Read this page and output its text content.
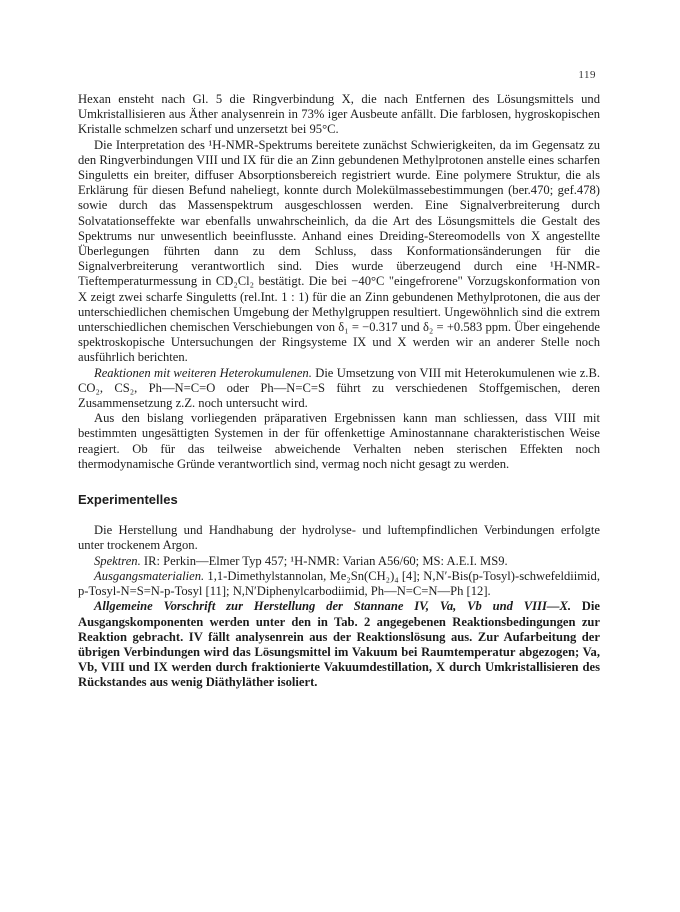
119

Hexan ensteht nach Gl. 5 die Ringverbindung X, die nach Entfernen des Lösungsmittels und Umkristallisieren aus Äther analysenrein in 73% iger Ausbeute anfällt. Die farblosen, hygroskopischen Kristalle schmelzen scharf und unzersetzt bei 95°C.

Die Interpretation des ¹H-NMR-Spektrums bereitete zunächst Schwierigkeiten, da im Gegensatz zu den Ringverbindungen VIII und IX für die an Zinn gebundenen Methylprotonen anstelle eines scharfen Singuletts ein breiter, diffuser Absorptionsbereich registriert wurde. Eine polymere Struktur, die als Erklärung für diesen Befund naheliegt, konnte durch Molekülmassebestimmungen (ber.470; gef.478) sowie durch das Massenspektrum ausgeschlossen werden. Eine Signalverbreiterung durch Solvatationseffekte war ebenfalls unwahrscheinlich, da die Art des Lösungsmittels die Gestalt des Spektrums nur unwesentlich beeinflusste. Anhand eines Dreiding-Stereomodells von X angestellte Überlegungen führten dann zu dem Schluss, dass Konformationsänderungen für die Signalverbreiterung verantwortlich sind. Dies wurde überzeugend durch eine ¹H-NMR-Tieftemperaturmessung in CD₂Cl₂ bestätigt. Die bei −40°C "eingefrorene" Vorzugskonformation von X zeigt zwei scharfe Singuletts (rel.Int. 1 : 1) für die an Zinn gebundenen Methylprotonen, die aus der unterschiedlichen chemischen Umgebung der Methylgruppen resultiert. Ungewöhnlich sind die extrem unterschiedlichen chemischen Verschiebungen von δ₁ = −0.317 und δ₂ = +0.583 ppm. Über eingehende spektroskopische Untersuchungen der Ringsysteme IX und X werden wir an anderer Stelle noch ausführlich berichten.

Reaktionen mit weiteren Heterokumulenen. Die Umsetzung von VIII mit Heterokumulenen wie z.B. CO₂, CS₂, Ph—N=C=O oder Ph—N=C=S führt zu verschiedenen Stoffgemischen, deren Zusammensetzung z.Z. noch untersucht wird.

Aus den bislang vorliegenden präparativen Ergebnissen kann man schliessen, dass VIII mit bestimmten ungesättigten Systemen in der für offenkettige Aminostannane charakteristischen Weise reagiert. Ob für das teilweise abweichende Verhalten neben sterischen Effekten noch thermodynamische Gründe verantwortlich sind, vermag noch nicht gesagt zu werden.

Experimentelles

Die Herstellung und Handhabung der hydrolyse- und luftempfindlichen Verbindungen erfolgte unter trockenem Argon.

Spektren. IR: Perkin—Elmer Typ 457; ¹H-NMR: Varian A56/60; MS: A.E.I. MS9.

Ausgangsmaterialien. 1,1-Dimethylstannolan, Me₂Sn(CH₂)₄ [4]; N,N′-Bis(p-Tosyl)-schwefeldiimid, p-Tosyl-N=S=N-p-Tosyl [11]; N,N′Diphenylcarbodiimid, Ph—N=C=N—Ph [12].

Allgemeine Vorschrift zur Herstellung der Stannane IV, Va, Vb und VIII—X. Die Ausgangskomponenten werden unter den in Tab. 2 angegebenen Reaktionsbedingungen zur Reaktion gebracht. IV fällt analysenrein aus der Reaktionslösung aus. Zur Aufarbeitung der übrigen Verbindungen wird das Lösungsmittel im Vakuum bei Raumtemperatur abgezogen; Va, Vb, VIII und IX werden durch fraktionierte Vakuumdestillation, X durch Umkristallisieren des Rückstandes aus wenig Diäthyläther isoliert.
